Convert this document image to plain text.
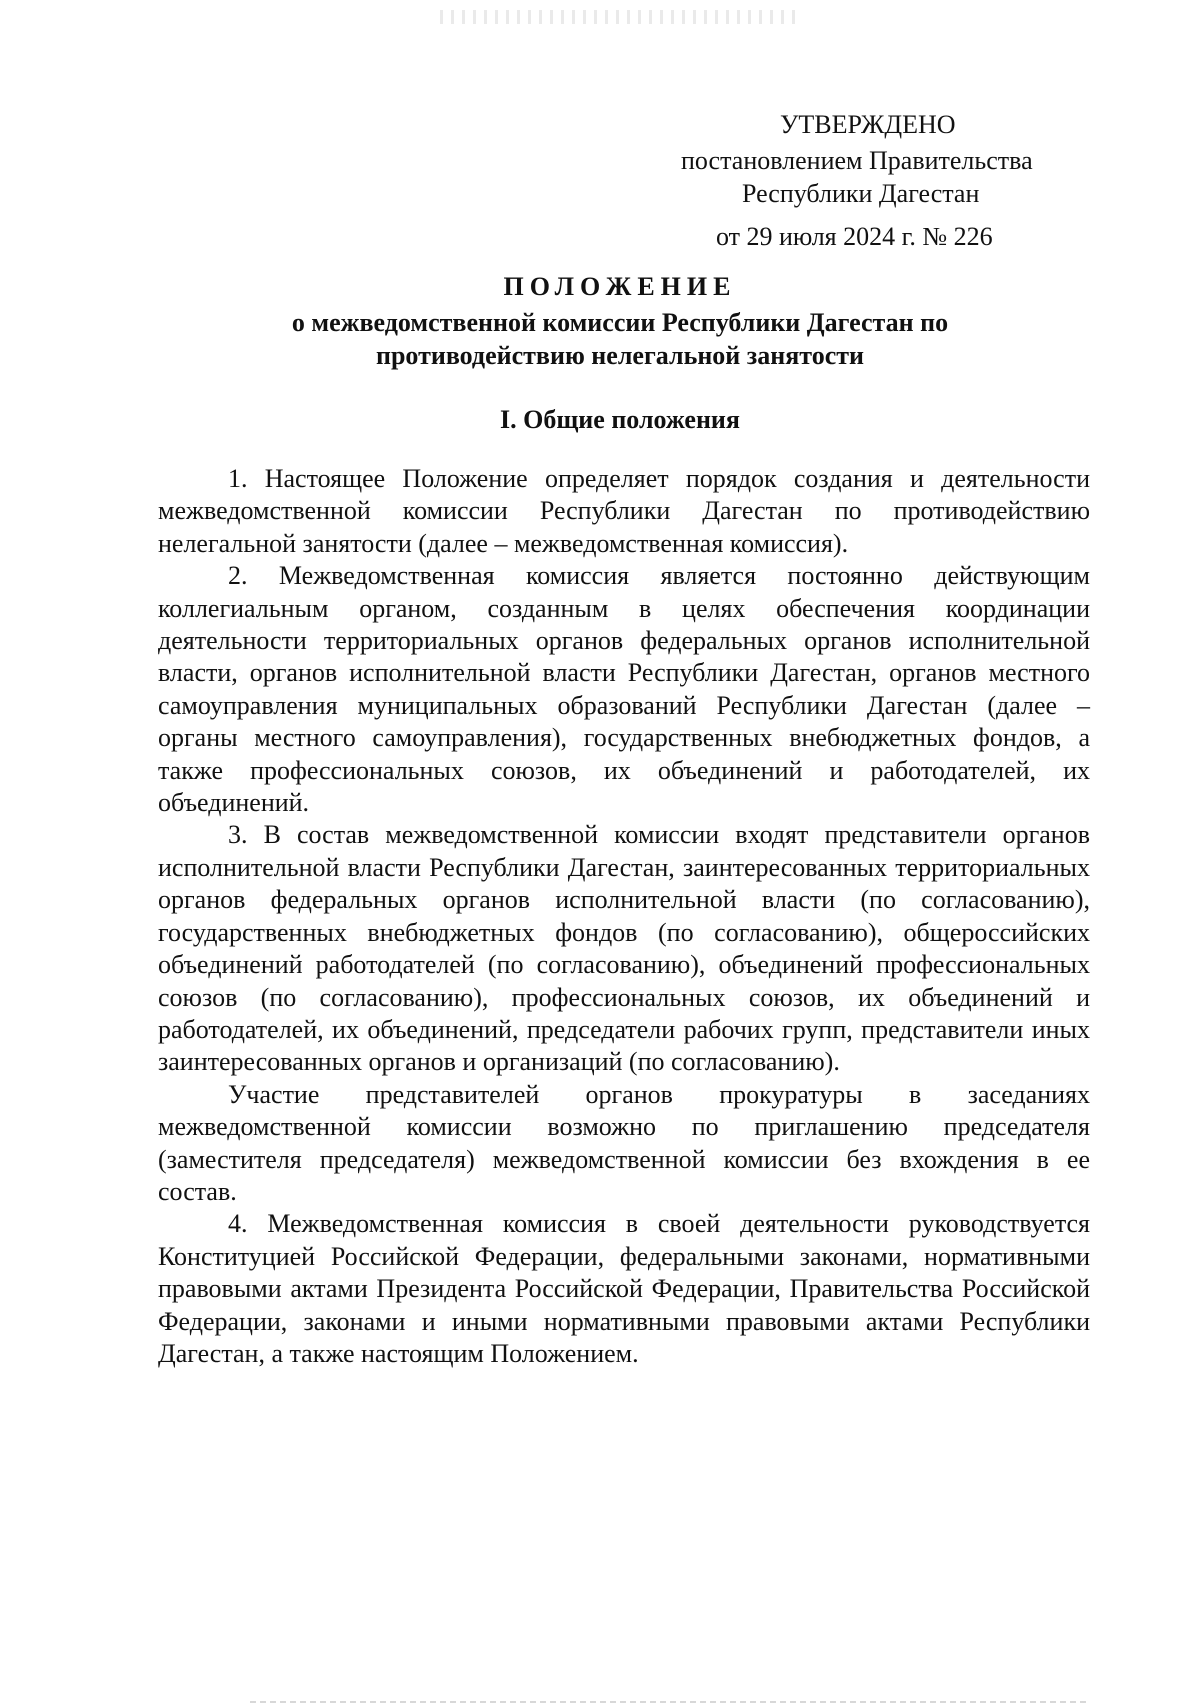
УТВЕРЖДЕНО
постановлением Правительства
Республики Дагестан
от 29 июля 2024 г. № 226
ПОЛОЖЕНИЕ
о межведомственной комиссии Республики Дагестан по
противодействию нелегальной занятости
I. Общие положения

1. Настоящее Положение определяет порядок создания и деятельности межведомственной комиссии Республики Дагестан по противодействию нелегальной занятости (далее – межведомственная комиссия).

2. Межведомственная комиссия является постоянно действующим коллегиальным органом, созданным в целях обеспечения координации деятельности территориальных органов федеральных органов исполнительной власти, органов исполнительной власти Республики Дагестан, органов местного самоуправления муниципальных образований Республики Дагестан (далее – органы местного самоуправления), государственных внебюджетных фондов, а также профессиональных союзов, их объединений и работодателей, их объединений.

3. В состав межведомственной комиссии входят представители органов исполнительной власти Республики Дагестан, заинтересованных территориальных органов федеральных органов исполнительной власти (по согласованию), государственных внебюджетных фондов (по согласованию), общероссийских объединений работодателей (по согласованию), объединений профессиональных союзов (по согласованию), профессиональных союзов, их объединений и работодателей, их объединений, председатели рабочих групп, представители иных заинтересованных органов и организаций (по согласованию).

Участие представителей органов прокуратуры в заседаниях межведомственной комиссии возможно по приглашению председателя (заместителя председателя) межведомственной комиссии без вхождения в ее состав.

4. Межведомственная комиссия в своей деятельности руководствуется Конституцией Российской Федерации, федеральными законами, нормативными правовыми актами Президента Российской Федерации, Правительства Российской Федерации, законами и иными нормативными правовыми актами Республики Дагестан, а также настоящим Положением.
